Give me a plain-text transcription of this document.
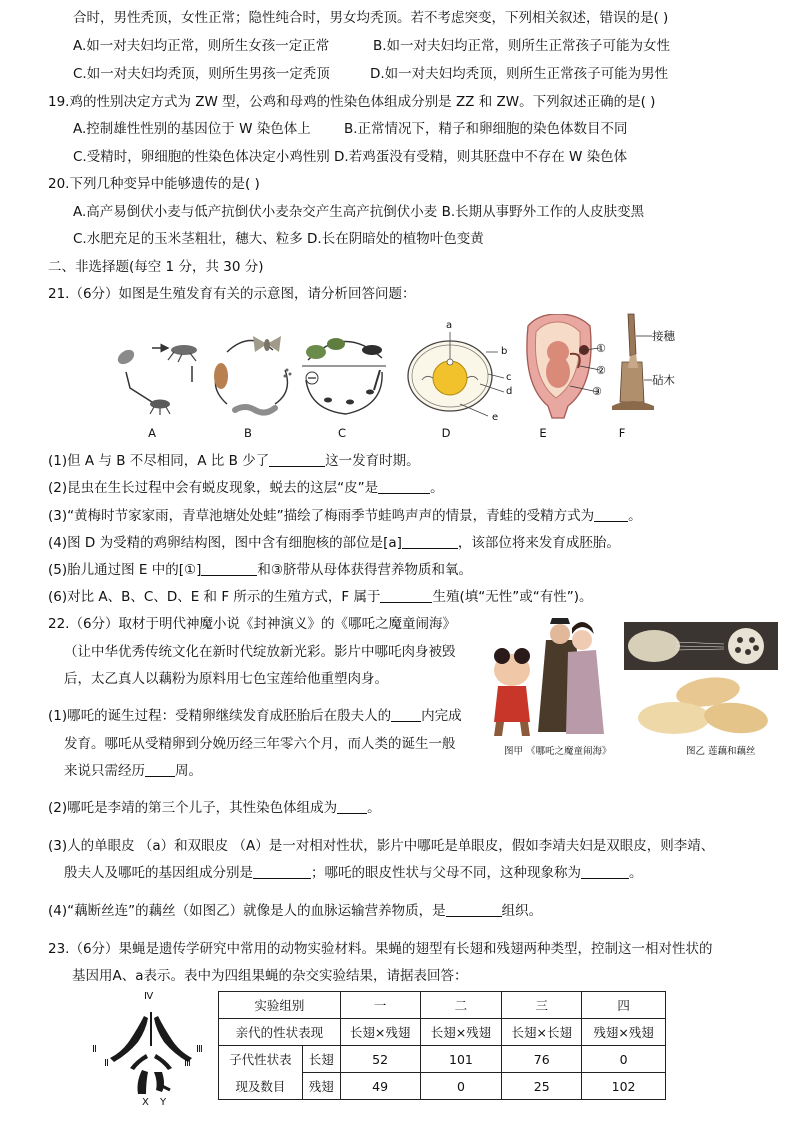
合时，男性秃顶，女性正常；隐性纯合时，男女均秃顶。若不考虑突变，下列相关叙述，错误的是( )
A.如一对夫妇均正常，则所生女孩一定正常	B.如一对夫妇均正常，则所生正常孩子可能为女性
C.如一对夫妇均秃顶，则所生男孩一定秃顶	D.如一对夫妇均秃顶，则所生正常孩子可能为男性
19.鸡的性别决定方式为 ZW 型，公鸡和母鸡的性染色体组成分别是 ZZ 和 ZW。下列叙述正确的是( )
A.控制雄性性别的基因位于 W 染色体上 B.正常情况下，精子和卵细胞的染色体数目不同
C.受精时，卵细胞的性染色体决定小鸡性别 D.若鸡蛋没有受精，则其胚盘中不存在 W 染色体
20.下列几种变异中能够遗传的是( )
A.高产易倒伏小麦与低产抗倒伏小麦杂交产生高产抗倒伏小麦 B.长期从事野外工作的人皮肤变黑
C.水肥充足的玉米茎粗壮，穗大、粒多 D.长在阴暗处的植物叶色变黄
二、非选择题(每空 1 分，共 30 分)
21.（6分）如图是生殖发育有关的示意图，请分析回答问题：
A	B	C
a
b
c
d
e
D
①
②
③
E
接穗
砧木
F
(1)但 A 与 B 不尽相同，A 比 B 少了	这一发育时期。
(2)昆虫在生长过程中会有蜕皮现象，蜕去的这层“皮”是	。
(3)“黄梅时节家家雨，青草池塘处处蛙”描绘了梅雨季节蛙鸣声声的情景，青蛙的受精方式为	。
(4)图 D 为受精的鸡卵结构图，图中含有细胞核的部位是[a]	，该部位将来发育成胚胎。
(5)胎儿通过图 E 中的[①]	和③脐带从母体获得营养物质和氧。
(6)对比 A、B、C、D、E 和 F 所示的生殖方式，F 属于	生殖(填“无性”或“有性”)。
22.（6分）取材于明代神魔小说《封神演义》的《哪吒之魔童闹海》
（让中华优秀传统文化在新时代绽放新光彩。影片中哪吒肉身被毁
后，太乙真人以藕粉为原料用七色宝莲给他重塑肉身。
图甲 《哪吒之魔童闹海》	图乙 莲藕和藕丝
(1)哪吒的诞生过程：受精卵继续发育成胚胎后在殷夫人的 内完成
发育。哪吒从受精卵到分娩历经三年零六个月，而人类的诞生一般
来说只需经历 周。
(2)哪吒是李靖的第三个儿子，其性染色体组成为 。
(3)人的单眼皮 （a）和双眼皮 （A）是一对相对性状，影片中哪吒是单眼皮，假如李靖夫妇是双眼皮，则李靖、
殷夫人及哪吒的基因组成分别是	；哪吒的眼皮性状与父母不同，这种现象称为	。
(4)“藕断丝连”的藕丝（如图乙）就像是人的血脉运输营养物质，是	组织。
23.（6分）果蝇是遗传学研究中常用的动物实验材料。果蝇的翅型有长翅和残翅两种类型，控制这一相对性状的
基因用A、a表示。表中为四组果蝇的杂交实验结果，请据表回答：
Ⅳ
Ⅱ	Ⅲ
Ⅱ	Ⅲ
X Y
实验组别		一	二	三	四
亲代的性状表现		长翅×残翅	长翅×残翅	长翅×长翅	残翅×残翅
子代性状表	长翅	52	101	76	0
现及数目	残翅	49	0	25	102
